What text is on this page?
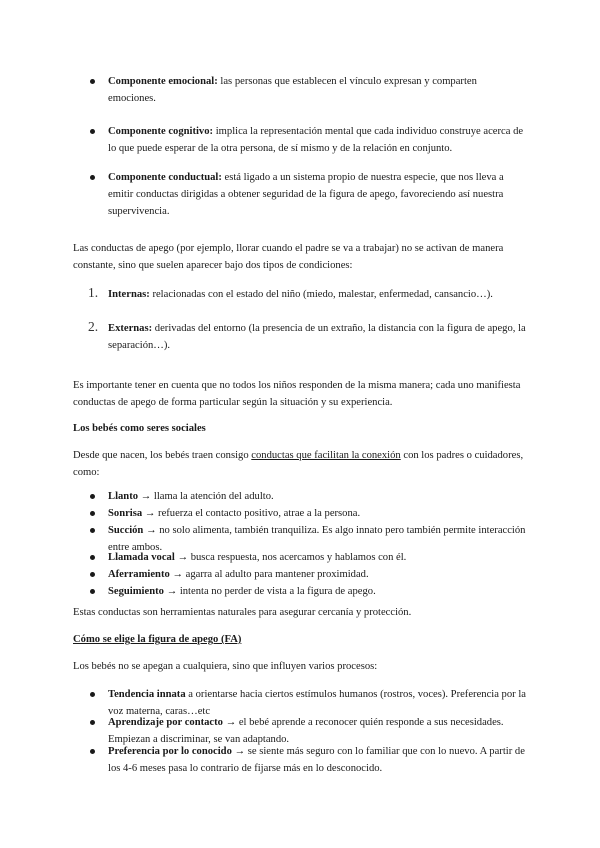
Componente emocional: las personas que establecen el vínculo expresan y comparten emociones.
Componente cognitivo: implica la representación mental que cada individuo construye acerca de lo que puede esperar de la otra persona, de sí mismo y de la relación en conjunto.
Componente conductual: está ligado a un sistema propio de nuestra especie, que nos lleva a emitir conductas dirigidas a obtener seguridad de la figura de apego, favoreciendo así nuestra supervivencia.
Las conductas de apego (por ejemplo, llorar cuando el padre se va a trabajar) no se activan de manera constante, sino que suelen aparecer bajo dos tipos de condiciones:
1. Internas: relacionadas con el estado del niño (miedo, malestar, enfermedad, cansancio…).
2. Externas: derivadas del entorno (la presencia de un extraño, la distancia con la figura de apego, la separación…).
Es importante tener en cuenta que no todos los niños responden de la misma manera; cada uno manifiesta conductas de apego de forma particular según la situación y su experiencia.
Los bebés como seres sociales
Desde que nacen, los bebés traen consigo conductas que facilitan la conexión con los padres o cuidadores, como:
Llanto → llama la atención del adulto.
Sonrisa → refuerza el contacto positivo, atrae a la persona.
Succión → no solo alimenta, también tranquiliza. Es algo innato pero también permite interacción entre ambos.
Llamada vocal → busca respuesta, nos acercamos y hablamos con él.
Aferramiento → agarra al adulto para mantener proximidad.
Seguimiento → intenta no perder de vista a la figura de apego.
Estas conductas son herramientas naturales para asegurar cercanía y protección.
Cómo se elige la figura de apego (FA)
Los bebés no se apegan a cualquiera, sino que influyen varios procesos:
Tendencia innata a orientarse hacia ciertos estímulos humanos (rostros, voces). Preferencia por la voz materna, caras…etc
Aprendizaje por contacto → el bebé aprende a reconocer quién responde a sus necesidades. Empiezan a discriminar, se van adaptando.
Preferencia por lo conocido → se siente más seguro con lo familiar que con lo nuevo. A partir de los 4-6 meses pasa lo contrario de fijarse más en lo desconocido.
